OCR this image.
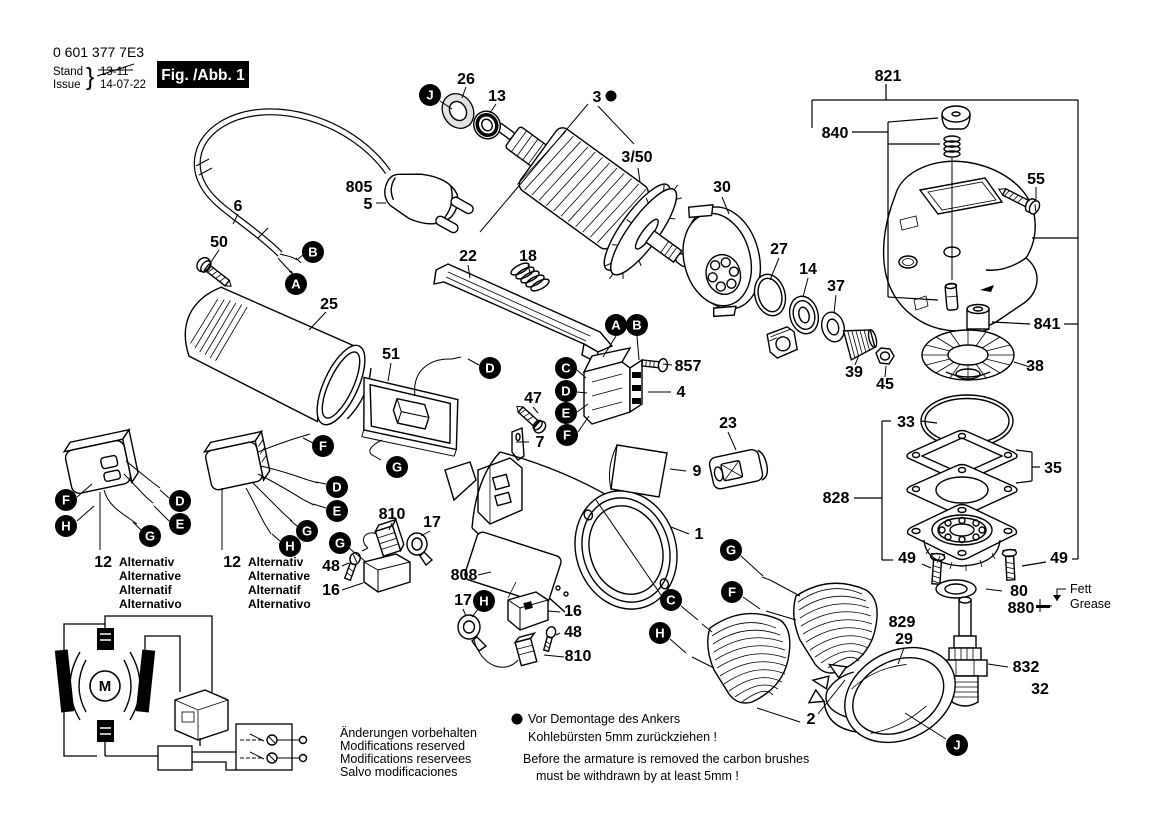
0 601 377 7E3
Stand
Issue } 13-11
14-07-22
Fig. /Abb. 1
M
26
13	3
3/50
805
5
30
6
55
821
840
50
25
22	18	27
14
37
857
4
51
47
7
39
45
841
38
33
35
828
23
9
1
49	49
80
880
808
810 17
48
16
17
16
48
810
829
29
832
32
2
J
B
A
A B
C
D
D
E
F
G
F
D
E
G
H
F
H
D
E
G	G	G
F
C
H
H
J
12 Alternativ
Alternative
Alternatif
Alternativo
12 Alternativ
Alternative
Alternatif
Alternativo
Fett
Grease
Änderungen vorbehalten
Modifications reserved
Modifications reservees
Salvo modificaciones
Vor Demontage des Ankers
Kohlebürsten 5mm zurückziehen !
Before the armature is removed the carbon brushes
must be withdrawn by at least 5mm !
